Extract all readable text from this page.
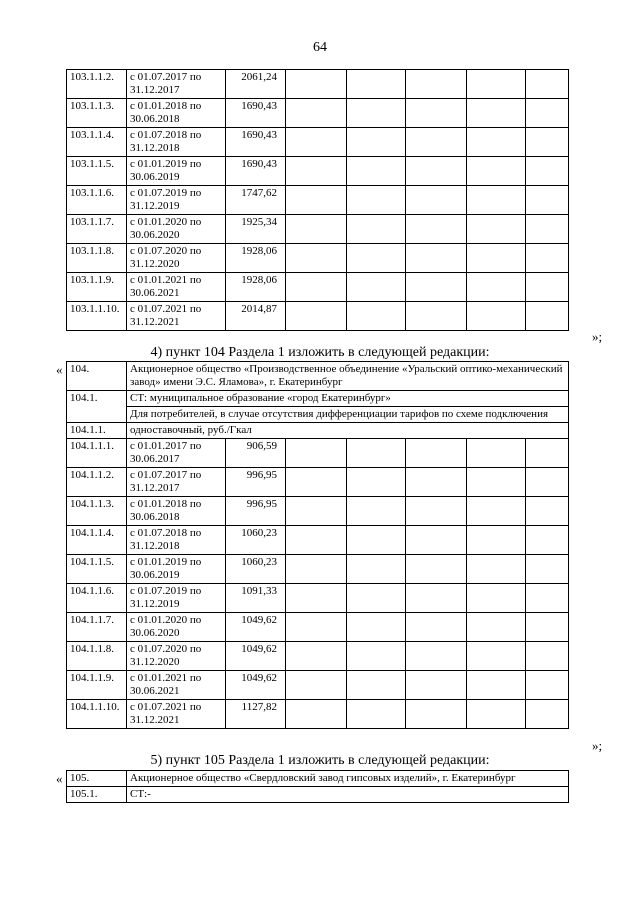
64
103.1.1.2.	с 01.07.2017 по 31.12.2017	2061,24					
103.1.1.3.	с 01.01.2018 по 30.06.2018	1690,43					
103.1.1.4.	с 01.07.2018 по 31.12.2018	1690,43					
103.1.1.5.	с 01.01.2019 по 30.06.2019	1690,43					
103.1.1.6.	с 01.07.2019 по 31.12.2019	1747,62					
103.1.1.7.	с 01.01.2020 по 30.06.2020	1925,34					
103.1.1.8.	с 01.07.2020 по 31.12.2020	1928,06					
103.1.1.9.	с 01.01.2021 по 30.06.2021	1928,06					
103.1.1.10.	с 01.07.2021 по 31.12.2021	2014,87					
»;
4) пункт 104 Раздела 1 изложить в следующей редакции:
« 104.	Акционерное общество «Производственное объединение «Уральский оптико-механический завод» имени Э.С. Яламова», г. Екатеринбург						
104.1.	СТ: муниципальное образование «город Екатеринбург»						
	Для потребителей, в случае отсутствия дифференциации тарифов по схеме подключения						
104.1.1.	одноставочный, руб./Гкал						
104.1.1.1.	с 01.01.2017 по 30.06.2017	906,59					
104.1.1.2.	с 01.07.2017 по 31.12.2017	996,95					
104.1.1.3.	с 01.01.2018 по 30.06.2018	996,95					
104.1.1.4.	с 01.07.2018 по 31.12.2018	1060,23					
104.1.1.5.	с 01.01.2019 по 30.06.2019	1060,23					
104.1.1.6.	с 01.07.2019 по 31.12.2019	1091,33					
104.1.1.7.	с 01.01.2020 по 30.06.2020	1049,62					
104.1.1.8.	с 01.07.2020 по 31.12.2020	1049,62					
104.1.1.9.	с 01.01.2021 по 30.06.2021	1049,62					
104.1.1.10.	с 01.07.2021 по 31.12.2021	1127,82					
»;
5) пункт 105 Раздела 1 изложить в следующей редакции:
« 105.	Акционерное общество «Свердловский завод гипсовых изделий», г. Екатеринбург
105.1.	СТ:-
